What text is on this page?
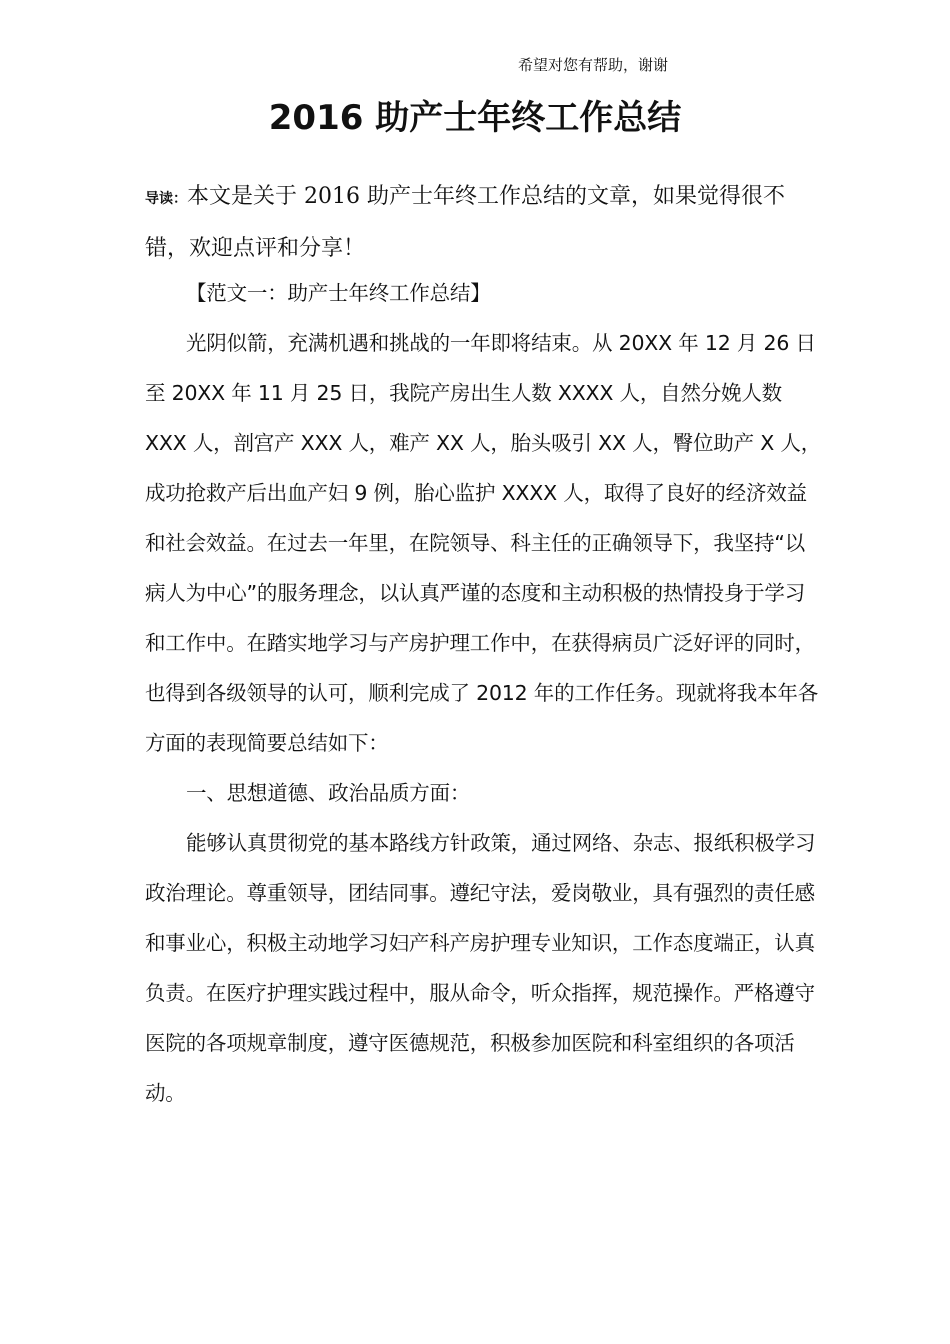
希望对您有帮助，谢谢
2016 助产士年终工作总结
导读：本文是关于 2016 助产士年终工作总结的文章，如果觉得很不错，欢迎点评和分享！

【范文一：助产士年终工作总结】

光阴似箭，充满机遇和挑战的一年即将结束。从 20XX 年 12 月 26 日至 20XX 年 11 月 25 日，我院产房出生人数 XXXX 人，自然分娩人数 XXX 人，剖宫产 XXX 人，难产 XX 人，胎头吸引 XX 人，臀位助产 X 人，成功抢救产后出血产妇 9 例，胎心监护 XXXX 人，取得了良好的经济效益和社会效益。在过去一年里，在院领导、科主任的正确领导下，我坚持“以病人为中心”的服务理念，以认真严谨的态度和主动积极的热情投身于学习和工作中。在踏实地学习与产房护理工作中，在获得病员广泛好评的同时，也得到各级领导的认可，顺利完成了 2012 年的工作任务。现就将我本年各方面的表现简要总结如下：

一、思想道德、政治品质方面：

能够认真贯彻党的基本路线方针政策，通过网络、杂志、报纸积极学习政治理论。尊重领导，团结同事。遵纪守法，爱岗敬业，具有强烈的责任感和事业心，积极主动地学习妇产科产房护理专业知识，工作态度端正，认真负责。在医疗护理实践过程中，服从命令，听众指挥，规范操作。严格遵守医院的各项规章制度，遵守医德规范，积极参加医院和科室组织的各项活动。
